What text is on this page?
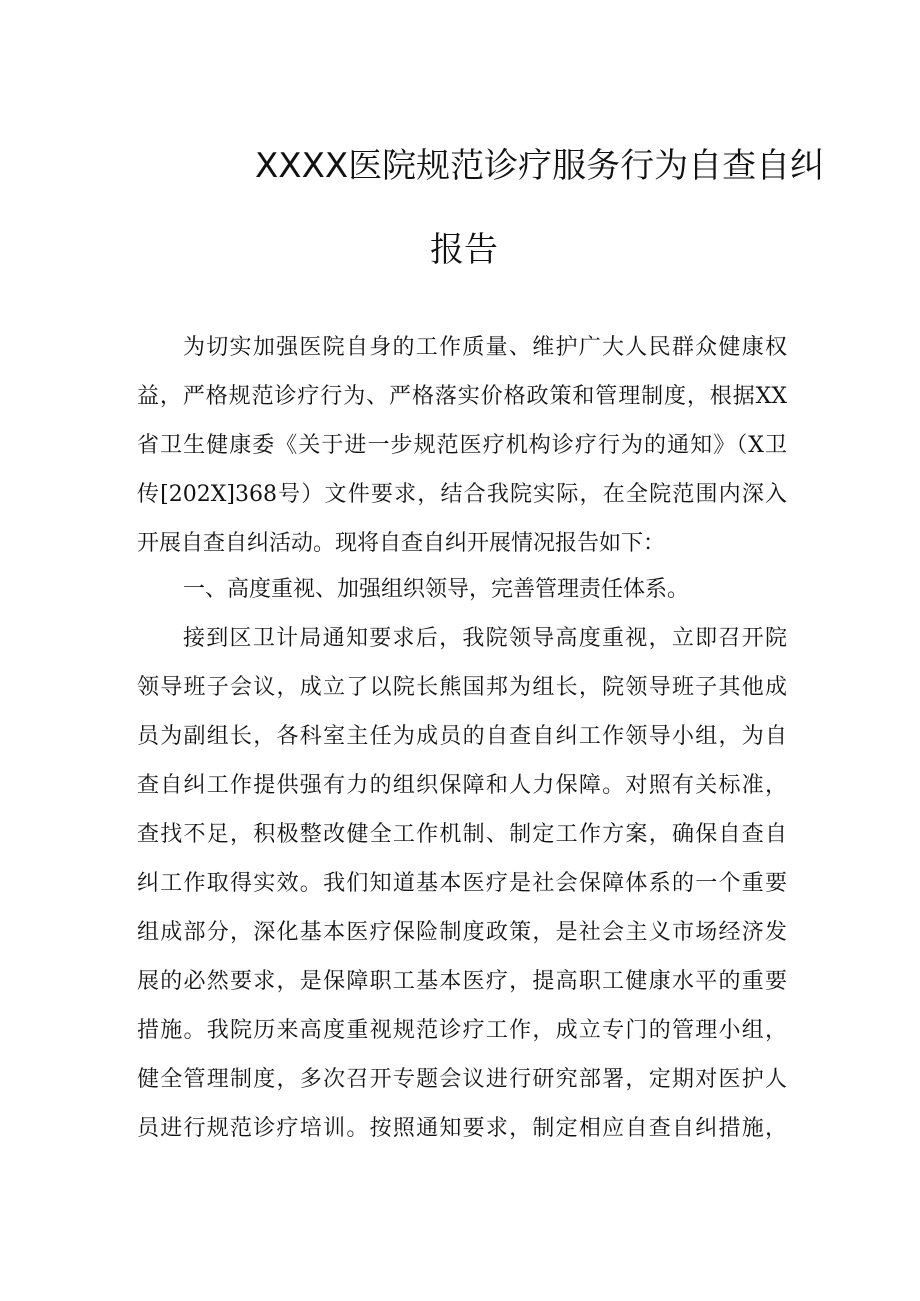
XXXX医院规范诊疗服务行为自查自纠
报告
为切实加强医院自身的工作质量、维护广大人民群众健康权
益，严格规范诊疗行为、严格落实价格政策和管理制度，根据XX
省卫生健康委《关于进一步规范医疗机构诊疗行为的通知》（X卫
传[202X]368号）文件要求，结合我院实际，在全院范围内深入
开展自查自纠活动。现将自查自纠开展情况报告如下：
一、高度重视、加强组织领导，完善管理责任体系。
接到区卫计局通知要求后，我院领导高度重视，立即召开院
领导班子会议，成立了以院长熊国邦为组长，院领导班子其他成
员为副组长，各科室主任为成员的自查自纠工作领导小组，为自
查自纠工作提供强有力的组织保障和人力保障。对照有关标准，
查找不足，积极整改健全工作机制、制定工作方案，确保自查自
纠工作取得实效。我们知道基本医疗是社会保障体系的一个重要
组成部分，深化基本医疗保险制度政策，是社会主义市场经济发
展的必然要求，是保障职工基本医疗，提高职工健康水平的重要
措施。我院历来高度重视规范诊疗工作，成立专门的管理小组，
健全管理制度，多次召开专题会议进行研究部署，定期对医护人
员进行规范诊疗培训。按照通知要求，制定相应自查自纠措施，
